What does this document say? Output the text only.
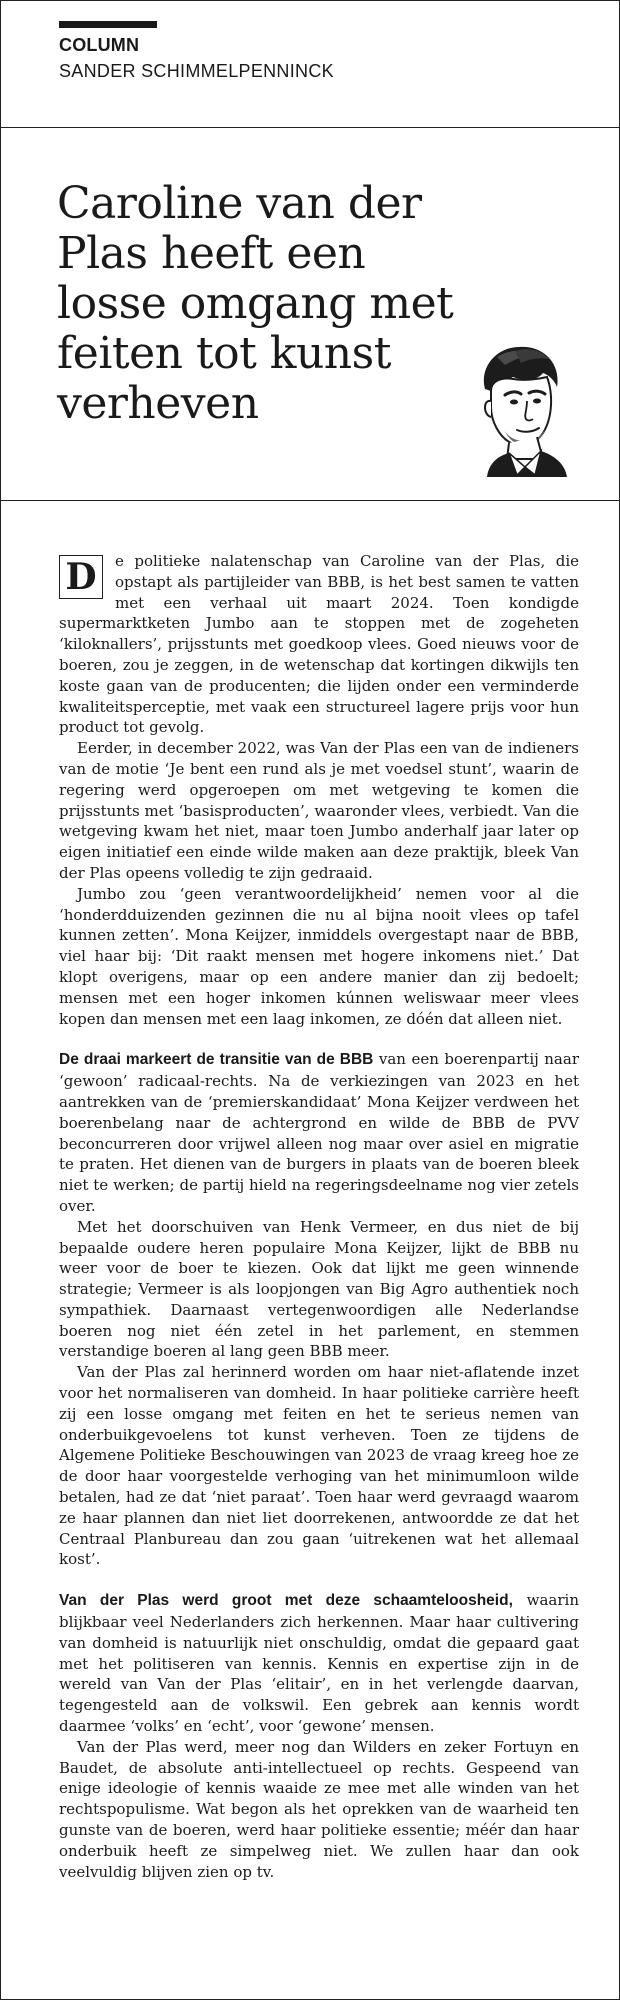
COLUMN
SANDER SCHIMMELPENNINCK
Caroline van der Plas heeft een losse omgang met feiten tot kunst verheven

D	e politieke nalatenschap van Caroline van der Plas, die opstapt als partijleider van BBB, is het best samen te vatten met een verhaal uit maart 2024. Toen kondigde supermarktketen Jumbo aan te stoppen met de zogeheten ‘kiloknallers’, prijsstunts met goedkoop vlees. Goed nieuws voor de boeren, zou je zeggen, in de wetenschap dat kortingen dikwijls ten koste gaan van de producenten; die lijden onder een verminderde kwaliteitsperceptie, met vaak een structureel lagere prijs voor hun product tot gevolg.

Eerder, in december 2022, was Van der Plas een van de indieners van de motie ‘Je bent een rund als je met voedsel stunt’, waarin de regering werd opgeroepen om met wetgeving te komen die prijsstunts met ‘basisproducten’, waaronder vlees, verbiedt. Van die wetgeving kwam het niet, maar toen Jumbo anderhalf jaar later op eigen initiatief een einde wilde maken aan deze praktijk, bleek Van der Plas opeens volledig te zijn gedraaid.

Jumbo zou ‘geen verantwoordelijkheid’ nemen voor al die ‘honderdduizenden gezinnen die nu al bijna nooit vlees op tafel kunnen zetten’. Mona Keijzer, inmiddels overgestapt naar de BBB, viel haar bij: ‘Dit raakt mensen met hogere inkomens niet.’ Dat klopt overigens, maar op een andere manier dan zij bedoelt; mensen met een hoger inkomen kúnnen weliswaar meer vlees kopen dan mensen met een laag inkomen, ze dóén dat alleen niet.

De draai markeert de transitie van de BBB van een boerenpartij naar ‘gewoon’ radicaal-rechts. Na de verkiezingen van 2023 en het aantrekken van de ‘premierskandidaat’ Mona Keijzer verdween het boerenbelang naar de achtergrond en wilde de BBB de PVV beconcurreren door vrijwel alleen nog maar over asiel en migratie te praten. Het dienen van de burgers in plaats van de boeren bleek niet te werken; de partij hield na regeringsdeelname nog vier zetels over.

Met het doorschuiven van Henk Vermeer, en dus niet de bij bepaalde oudere heren populaire Mona Keijzer, lijkt de BBB nu weer voor de boer te kiezen. Ook dat lijkt me geen winnende strategie; Vermeer is als loopjongen van Big Agro authentiek noch sympathiek. Daarnaast vertegenwoordigen alle Nederlandse boeren nog niet één zetel in het parlement, en stemmen verstandige boeren al lang geen BBB meer.

Van der Plas zal herinnerd worden om haar niet-aflatende inzet voor het normaliseren van domheid. In haar politieke carrière heeft zij een losse omgang met feiten en het te serieus nemen van onderbuikgevoelens tot kunst verheven. Toen ze tijdens de Algemene Politieke Beschouwingen van 2023 de vraag kreeg hoe ze de door haar voorgestelde verhoging van het minimumloon wilde betalen, had ze dat ‘niet paraat’. Toen haar werd gevraagd waarom ze haar plannen dan niet liet doorrekenen, antwoordde ze dat het Centraal Planbureau dan zou gaan ‘uitrekenen wat het allemaal kost’.

Van der Plas werd groot met deze schaamteloosheid, waarin blijkbaar veel Nederlanders zich herkennen. Maar haar cultivering van domheid is natuurlijk niet onschuldig, omdat die gepaard gaat met het politiseren van kennis. Kennis en expertise zijn in de wereld van Van der Plas ‘elitair’, en in het verlengde daarvan, tegengesteld aan de volkswil. Een gebrek aan kennis wordt daarmee ‘volks’ en ‘echt’, voor ‘gewone’ mensen.

Van der Plas werd, meer nog dan Wilders en zeker Fortuyn en Baudet, de absolute anti-intellectueel op rechts. Gespeend van enige ideologie of kennis waaide ze mee met alle winden van het rechtspopulisme. Wat begon als het oprekken van de waarheid ten gunste van de boeren, werd haar politieke essentie; méér dan haar onderbuik heeft ze simpelweg niet. We zullen haar dan ook veelvuldig blijven zien op tv.
